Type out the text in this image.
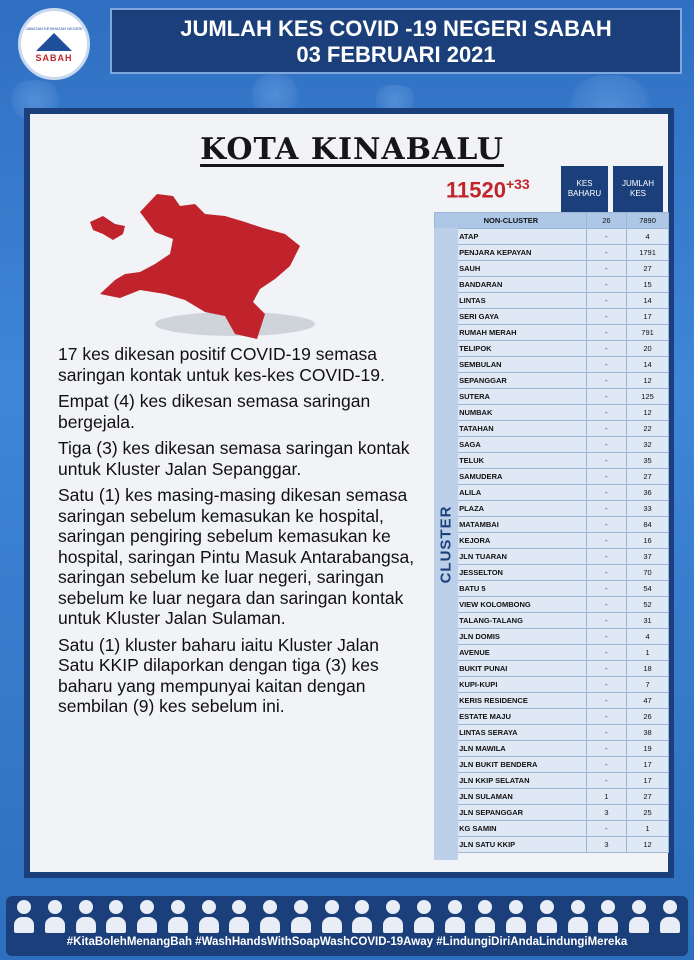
JABATAN KESIHATAN NEGERI
SABAH
JUMLAH KES COVID -19 NEGERI SABAH
03 FEBRUARI 2021
KOTA KINABALU

17 kes dikesan positif COVID-19 semasa saringan kontak untuk kes-kes COVID-19.

Empat (4) kes dikesan semasa saringan bergejala.

Tiga (3) kes dikesan semasa saringan kontak untuk Kluster Jalan Sepanggar.

Satu (1) kes masing-masing dikesan semasa saringan sebelum kemasukan ke hospital, saringan pengiring sebelum kemasukan ke hospital, saringan Pintu Masuk Antarabangsa, saringan sebelum ke luar negeri, saringan sebelum ke luar negara dan saringan kontak untuk Kluster Jalan Sulaman.

Satu (1) kluster baharu iaitu Kluster Jalan Satu KKIP dilaporkan dengan tiga (3) kes baharu yang mempunyai kaitan dengan sembilan (9) kes sebelum ini.

$11520^{+33}$	KES BAHARU
JUMLAH KES
NON-CLUSTER		26	7890
	ATAP	-	4
	PENJARA KEPAYAN	-	1791
	SAUH	-	27
	BANDARAN	-	15
	LINTAS	-	14
	SERI GAYA	-	17
	RUMAH MERAH	-	791
	TELIPOK	-	20
	SEMBULAN	-	14
	SEPANGGAR	-	12
	SUTERA	-	125
	NUMBAK	-	12
	TATAHAN	-	22
	SAGA	-	32
	TELUK	-	35
	SAMUDERA	-	27
	ALILA	-	36
	PLAZA	-	33
	MATAMBAI	-	84
	KEJORA	-	16
	JLN TUARAN	-	37
	JESSELTON	-	70
	BATU 5	-	54
	VIEW KOLOMBONG	-	52
	TALANG-TALANG	-	31
	JLN DOMIS	-	4
	AVENUE	-	1
	BUKIT PUNAI	-	18
	KUPI-KUPI	-	7
	KERIS RESIDENCE	-	47
	ESTATE MAJU	-	26
	LINTAS SERAYA	-	38
	JLN MAWILA	-	19
	JLN BUKIT BENDERA	-	17
	JLN KKIP SELATAN	-	17
	JLN SULAMAN	1	27
	JLN SEPANGGAR	3	25
	KG SAMIN	-	1
	JLN SATU KKIP	3	12
CLUSTER
#KitaBolehMenangBah #WashHandsWithSoapWashCOVID-19Away #LindungiDiriAndaLindungiMereka
